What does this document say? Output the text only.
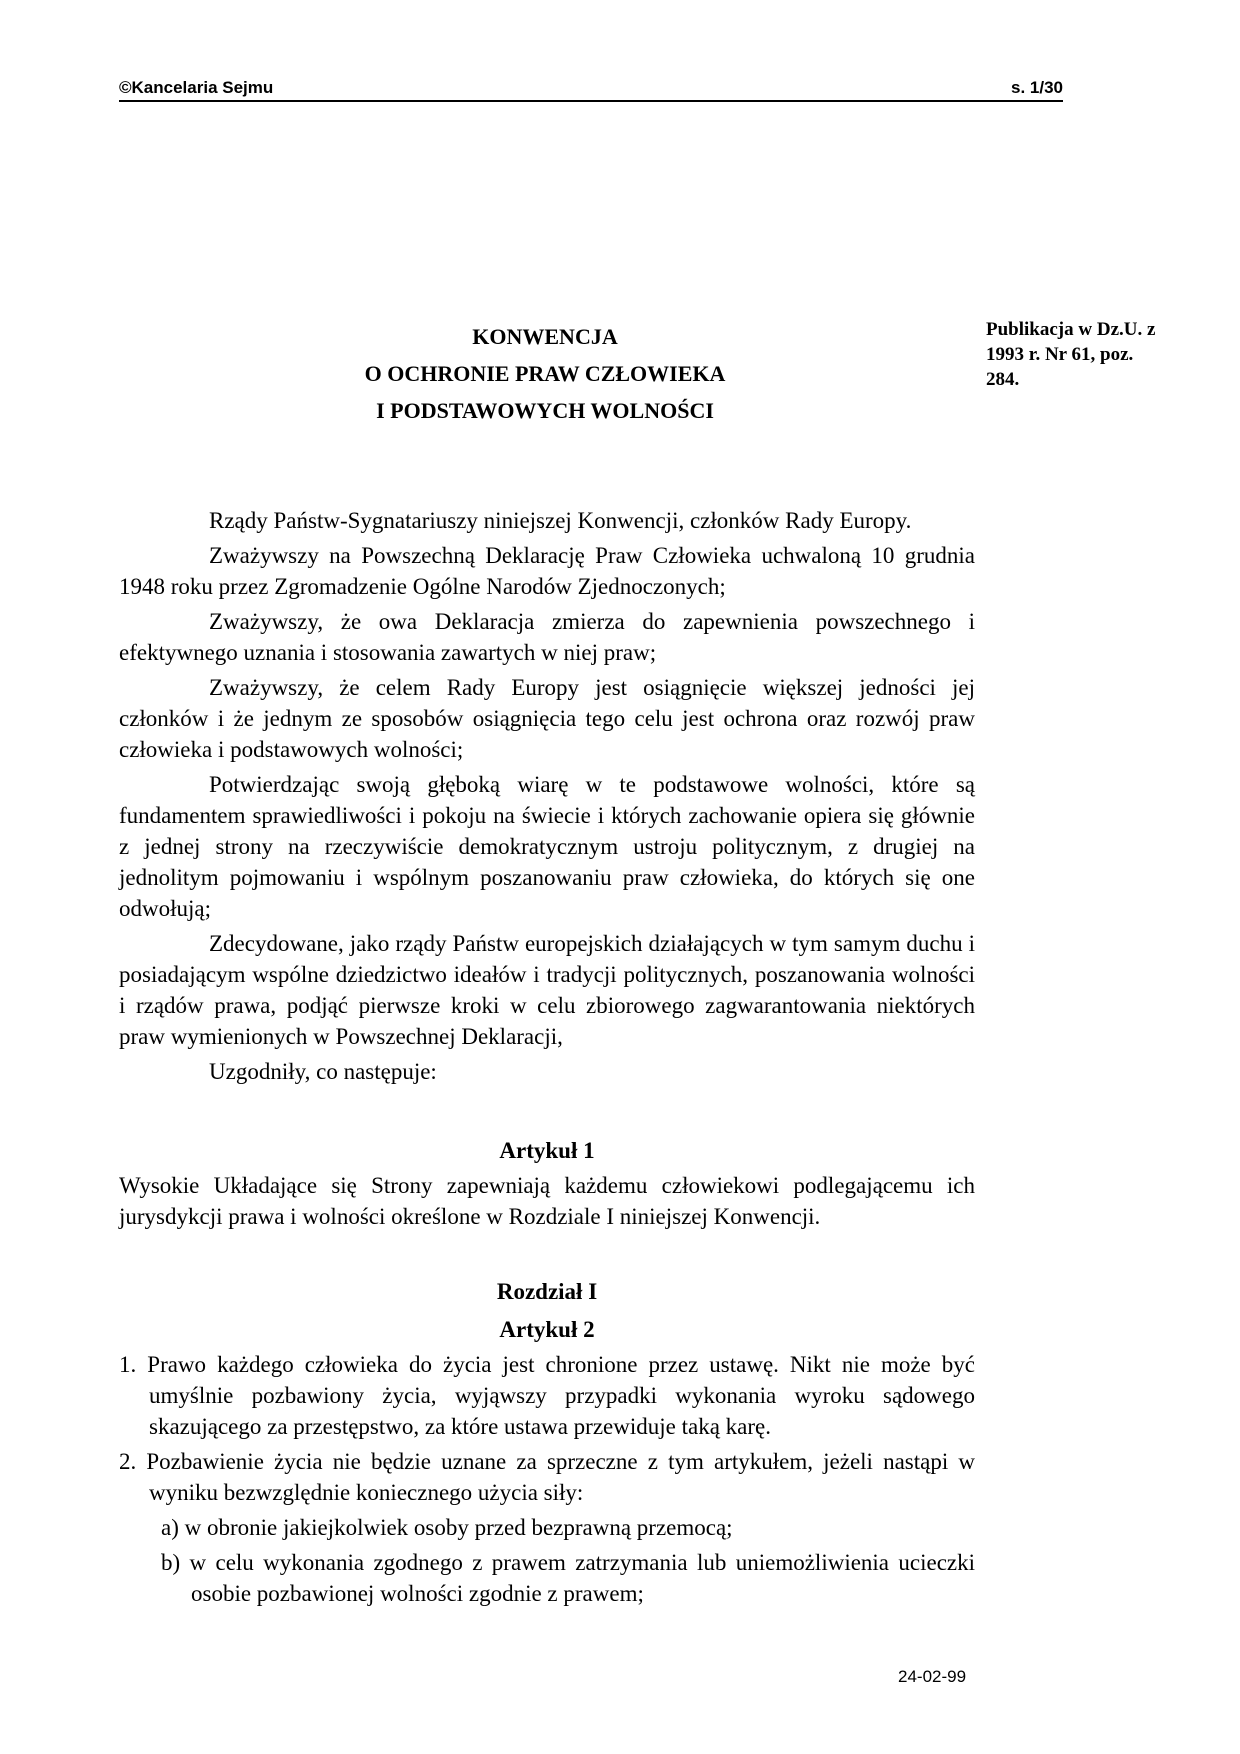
©Kancelaria Sejmu	s. 1/30
KONWENCJA
O OCHRONIE PRAW CZŁOWIEKA
I PODSTAWOWYCH WOLNOŚCI
Publikacja w Dz.U. z
1993 r. Nr 61, poz.
284.

Rządy Państw-Sygnatariuszy niniejszej Konwencji, członków Rady Europy.

Zważywszy na Powszechną Deklarację Praw Człowieka uchwaloną 10 grudnia 1948 roku przez Zgromadzenie Ogólne Narodów Zjednoczonych;

Zważywszy, że owa Deklaracja zmierza do zapewnienia powszechnego i efektywnego uznania i stosowania zawartych w niej praw;

Zważywszy, że celem Rady Europy jest osiągnięcie większej jedności jej członków i że jednym ze sposobów osiągnięcia tego celu jest ochrona oraz rozwój praw człowieka i podstawowych wolności;

Potwierdzając swoją głęboką wiarę w te podstawowe wolności, które są fundamentem sprawiedliwości i pokoju na świecie i których zachowanie opiera się głównie z jednej strony na rzeczywiście demokratycznym ustroju politycznym, z drugiej na jednolitym pojmowaniu i wspólnym poszanowaniu praw człowieka, do których się one odwołują;

Zdecydowane, jako rządy Państw europejskich działających w tym samym duchu i posiadającym wspólne dziedzictwo ideałów i tradycji politycznych, poszanowania wolności i rządów prawa, podjąć pierwsze kroki w celu zbiorowego zagwarantowania niektórych praw wymienionych w Powszechnej Deklaracji,

Uzgodniły, co następuje:

Artykuł 1

Wysokie Układające się Strony zapewniają każdemu człowiekowi podlegającemu ich jurysdykcji prawa i wolności określone w Rozdziale I niniejszej Konwencji.

Rozdział I

Artykuł 2

1. Prawo każdego człowieka do życia jest chronione przez ustawę. Nikt nie może być umyślnie pozbawiony życia, wyjąwszy przypadki wykonania wyroku sądowego skazującego za przestępstwo, za które ustawa przewiduje taką karę.

2. Pozbawienie życia nie będzie uznane za sprzeczne z tym artykułem, jeżeli nastąpi w wyniku bezwzględnie koniecznego użycia siły:

a) w obronie jakiejkolwiek osoby przed bezprawną przemocą;

b) w celu wykonania zgodnego z prawem zatrzymania lub uniemożliwienia ucieczki osobie pozbawionej wolności zgodnie z prawem;

24-02-99
